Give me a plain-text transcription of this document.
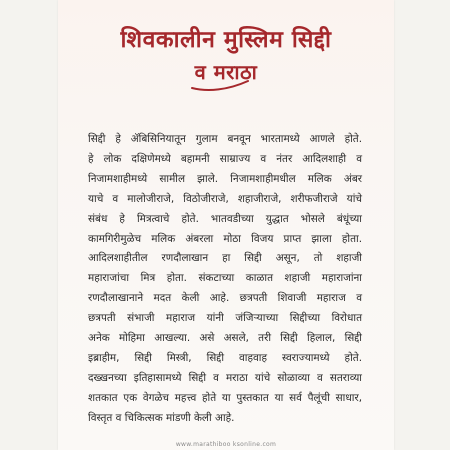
शिवकालीन मुस्लिम सिद्दी
व मराठा
सिद्दी हे ॲबिसिनियातून गुलाम बनवून भारतामध्ये आणले होते.
हे लोक दक्षिणेमध्ये बहामनी साम्राज्य व नंतर आदिलशाही व
निजामशाहीमध्ये सामील झाले. निजामशाहीमधील मलिक अंबर
याचे व मालोजीराजे, विठोजीराजे, शहाजीराजे, शरीफजीराजे यांचे
संबंध हे मित्रत्वाचे होते. भातवडीच्या युद्धात भोसले बंधूंच्या
कामगिरीमुळेच मलिक अंबरला मोठा विजय प्राप्त झाला होता.
आदिलशाहीतील रणदौलाखान हा सिद्दी असून, तो शहाजी
महाराजांचा मित्र होता. संकटाच्या काळात शहाजी महाराजांना
रणदौलाखानाने मदत केली आहे. छत्रपती शिवाजी महाराज व
छत्रपती संभाजी महाराज यांनी जंजिऱ्याच्या सिद्दीच्या विरोधात
अनेक मोहिमा आखल्या. असे असले, तरी सिद्दी हिलाल, सिद्दी
इब्राहीम, सिद्दी मिस्त्री, सिद्दी वाहवाह स्वराज्यामध्ये होते.
दख्खनच्या इतिहासामध्ये सिद्दी व मराठा यांचे सोळाव्या व सतराव्या
शतकात एक वेगळेच महत्त्व होते या पुस्तकात या सर्व पैलूंची साधार,
विस्तृत व चिकित्सक मांडणी केली आहे.
www.marathiboo ksonline.com
